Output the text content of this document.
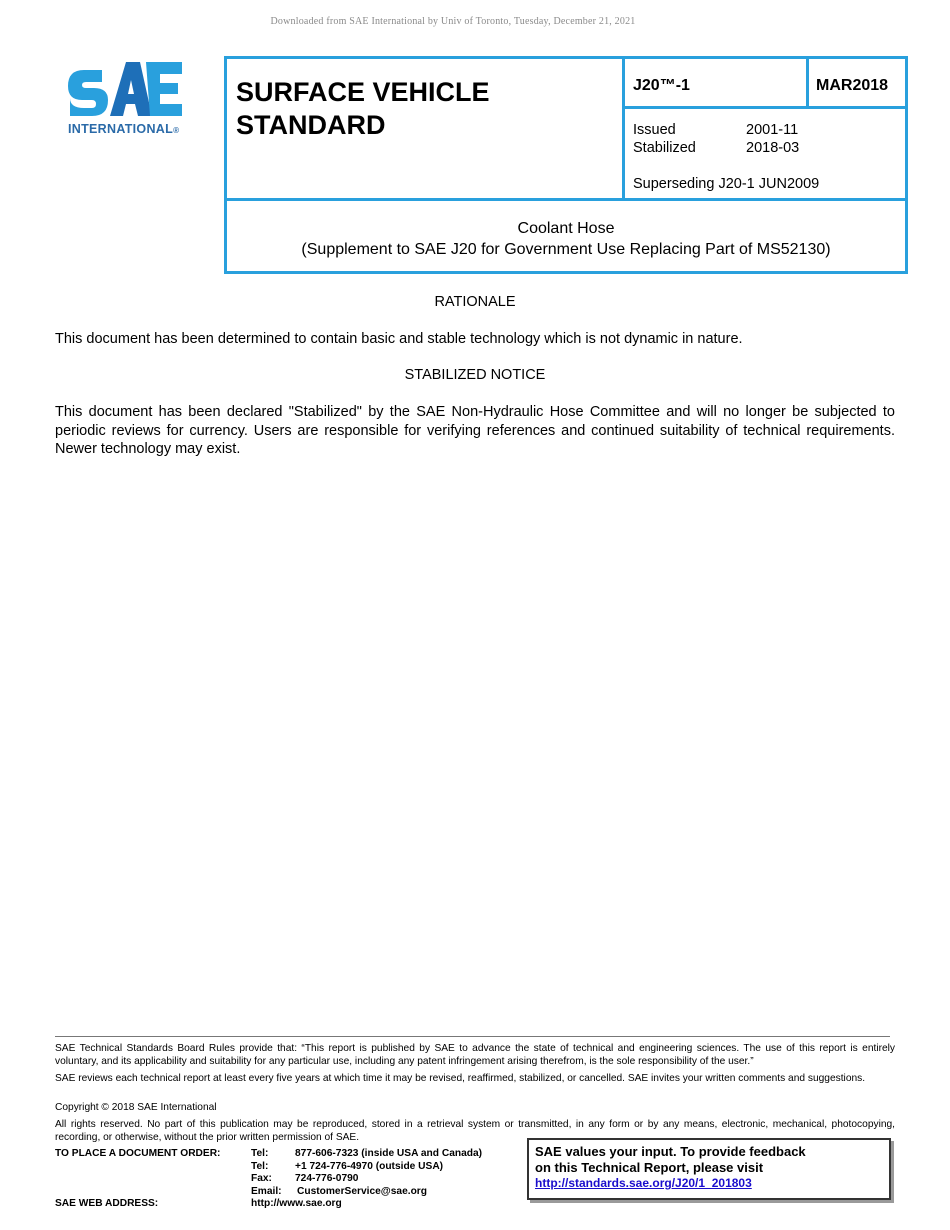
Downloaded from SAE International by Univ of Toronto, Tuesday, December 21, 2021
INTERNATIONAL®
SURFACE VEHICLE
STANDARD
J20™-1	MAR2018
Issued	2001-11
Stabilized	2018-03
Superseding J20-1 JUN2009
Coolant Hose
(Supplement to SAE J20 for Government Use Replacing Part of MS52130)
RATIONALE
This document has been determined to contain basic and stable technology which is not dynamic in nature.
STABILIZED NOTICE
This document has been declared "Stabilized" by the SAE Non-Hydraulic Hose Committee and will no longer be subjected to periodic reviews for currency. Users are responsible for verifying references and continued suitability of technical requirements. Newer technology may exist.
SAE Technical Standards Board Rules provide that: “This report is published by SAE to advance the state of technical and engineering sciences. The use of this report is entirely voluntary, and its applicability and suitability for any particular use, including any patent infringement arising therefrom, is the sole responsibility of the user.”
SAE reviews each technical report at least every five years at which time it may be revised, reaffirmed, stabilized, or cancelled. SAE invites your written comments and suggestions.
Copyright © 2018 SAE International
All rights reserved. No part of this publication may be reproduced, stored in a retrieval system or transmitted, in any form or by any means, electronic, mechanical, photocopying, recording, or otherwise, without the prior written permission of SAE.
TO PLACE A DOCUMENT ORDER:	Tel:	877-606-7323 (inside USA and Canada)
Tel:	+1 724-776-4970 (outside USA)
Fax: 724-776-0790
Email: CustomerService@sae.org
SAE WEB ADDRESS:	http://www.sae.org
SAE values your input. To provide feedback
on this Technical Report, please visit
http://standards.sae.org/J20/1_201803
